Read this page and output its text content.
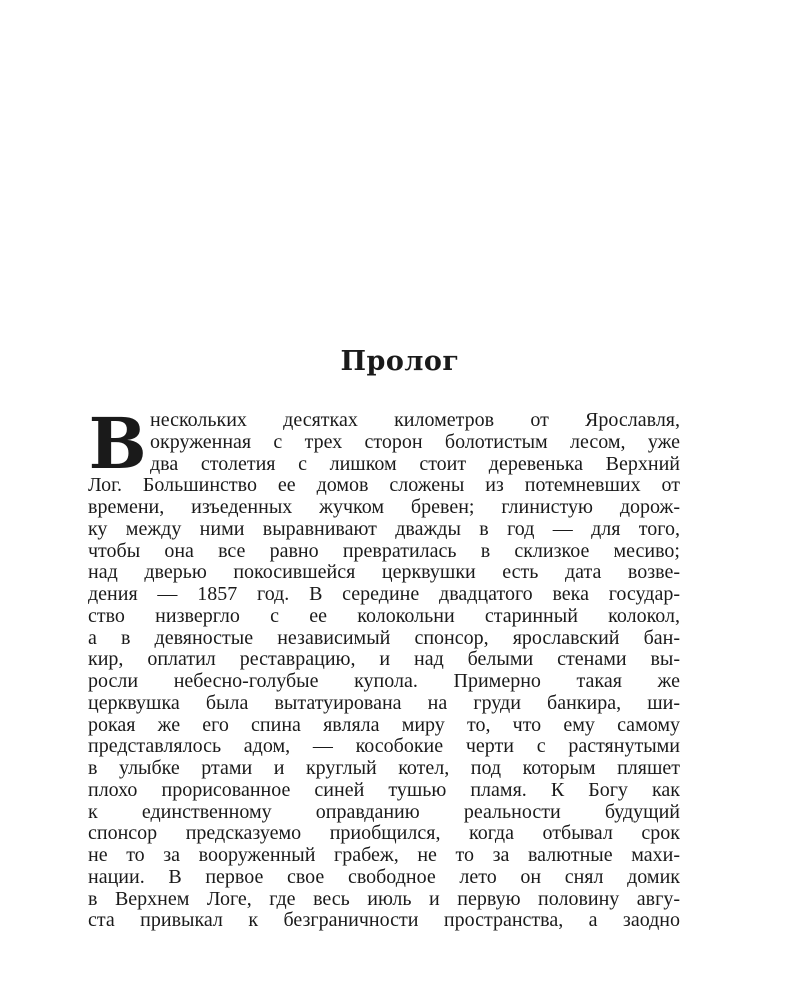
Пролог
В нескольких десятках километров от Ярославля,
окруженная с трех сторон болотистым лесом, уже
два столетия с лишком стоит деревенька Верхний
Лог. Большинство ее домов сложены из потемневших от
времени, изъеденных жучком бревен; глинистую дорож-
ку между ними выравнивают дважды в год — для того,
чтобы она все равно превратилась в склизкое месиво;
над дверью покосившейся церквушки есть дата возве-
дения — 1857 год. В середине двадцатого века государ-
ство низвергло с ее колокольни старинный колокол,
а в девяностые независимый спонсор, ярославский бан-
кир, оплатил реставрацию, и над белыми стенами вы-
росли небесно-голубые купола. Примерно такая же
церквушка была вытатуирована на груди банкира, ши-
рокая же его спина являла миру то, что ему самому
представлялось адом, — кособокие черти с растянутыми
в улыбке ртами и круглый котел, под которым пляшет
плохо прорисованное синей тушью пламя. К Богу как
к единственному оправданию реальности будущий
спонсор предсказуемо приобщился, когда отбывал срок
не то за вооруженный грабеж, не то за валютные махи-
нации. В первое свое свободное лето он снял домик
в Верхнем Логе, где весь июль и первую половину авгу-
ста привыкал к безграничности пространства, а заодно
